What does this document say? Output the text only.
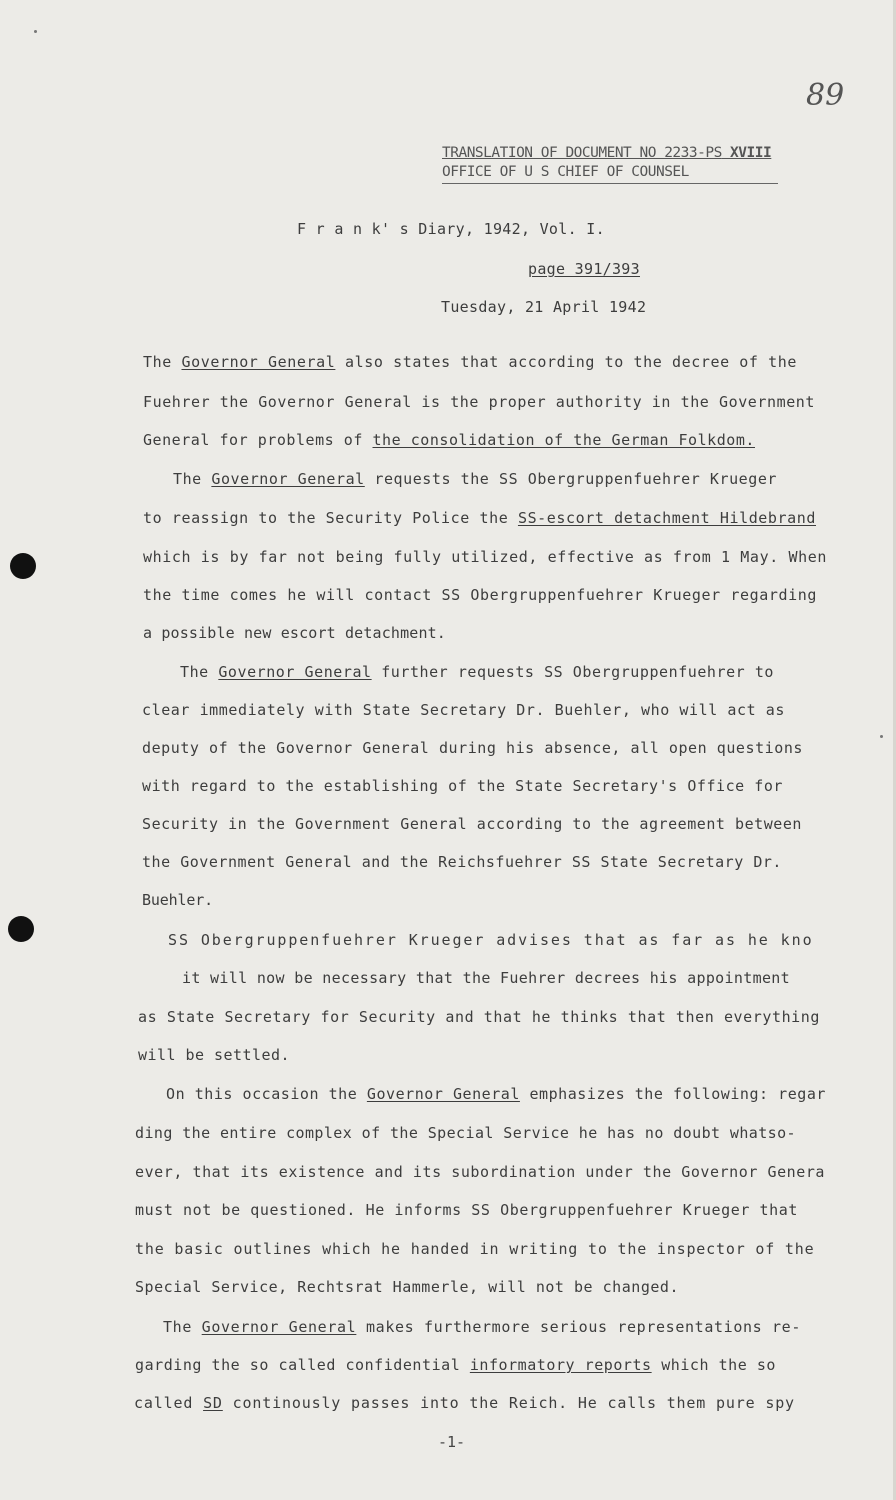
89
TRANSLATION OF DOCUMENT NO 2233-PS XVIII
OFFICE OF U S CHIEF OF COUNSEL
F r a n k' s Diary, 1942, Vol. I.
page 391/393
Tuesday, 21 April 1942
The Governor General also states that according to the decree of the
Fuehrer the Governor General is the proper authority in the Government
General for problems of the consolidation of the German Folkdom.
The Governor General requests the SS Obergruppenfuehrer Krueger
to reassign to the Security Police the SS-escort detachment Hildebrand
which is by far not being fully utilized, effective as from 1 May. When
the time comes he will contact SS Obergruppenfuehrer Krueger regarding
a possible new escort detachment.
The Governor General further requests SS Obergruppenfuehrer to
clear immediately with State Secretary Dr. Buehler, who will act as
deputy of the Governor General during his absence, all open questions
with regard to the establishing of the State Secretary's Office for
Security in the Government General according to the agreement between
the Government General and the Reichsfuehrer SS State Secretary Dr.
Buehler.
SS Obergruppenfuehrer Krueger advises that as far as he kno
it will now be necessary that the Fuehrer decrees his appointment
as State Secretary for Security and that he thinks that then everything
will be settled.
On this occasion the Governor General emphasizes the following: regar
ding the entire complex of the Special Service he has no doubt whatso-
ever, that its existence and its subordination under the Governor Genera
must not be questioned. He informs SS Obergruppenfuehrer Krueger that
the basic outlines which he handed in writing to the inspector of the
Special Service, Rechtsrat Hammerle, will not be changed.
The Governor General makes furthermore serious representations re-
garding the so called confidential informatory reports which the so
called SD continously passes into the Reich. He calls them pure spy
-1-
